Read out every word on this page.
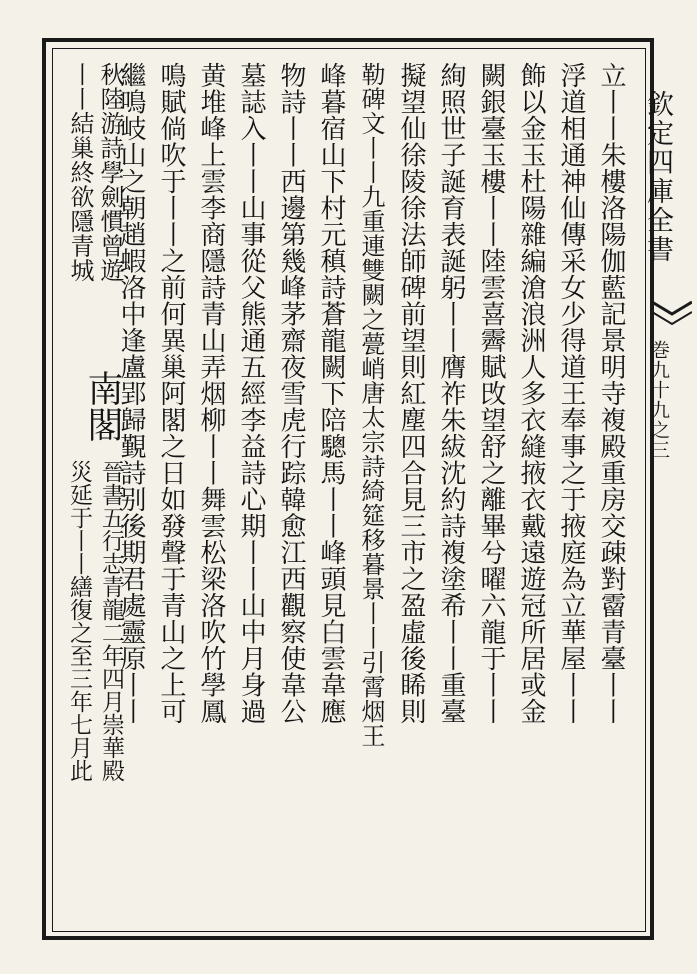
欽定四庫全書
巻九十九之三
立丨丨朱樓洛陽伽藍記景明寺複殿重房交疎對霤青臺丨丨
浮道相通神仙傳采女少得道王奉事之于掖庭為立華屋丨丨
飾以金玉杜陽雜編滄浪洲人多衣縫掖衣戴遠遊冠所居或金
闕銀臺玉樓丨丨陸雲喜霽賦攺望舒之離畢兮曜六龍于丨丨
絢照世子誕育表誕躬丨丨膺祚朱紱沈約詩複塗希丨丨重臺
擬望仙徐陵徐法師碑前望則紅塵四合見三市之盈虛後睎則
勒碑文丨丨九重連雙闕之甍峭唐太宗詩綺筵移暮景丨丨引霄烟王
峰暮宿山下村元稹詩蒼龍闕下陪驄馬丨丨峰頭見白雲韋應
物詩丨丨西邊第幾峰茅齋夜雪虎行踪韓愈江西觀察使韋公
墓誌入丨丨山事從父熊通五經李益詩心期丨丨山中月身過
黄堆峰上雲李商隱詩青山弄烟柳丨丨舞雲松梁洛吹竹學鳳
鳴賦倘吹于丨丨之前何異巢阿閣之日如發聲于青山之上可
繼鳴岐山之朝趙蝦洛中逢盧郢歸覲詩别後期君處靈原丨丨
秋陸游詩學劍慣曾遊
丨丨結巢終欲隱青城
南閣
晉書五行志青龍二年四月崇華殿
災延于丨丨繕復之至三年七月此
